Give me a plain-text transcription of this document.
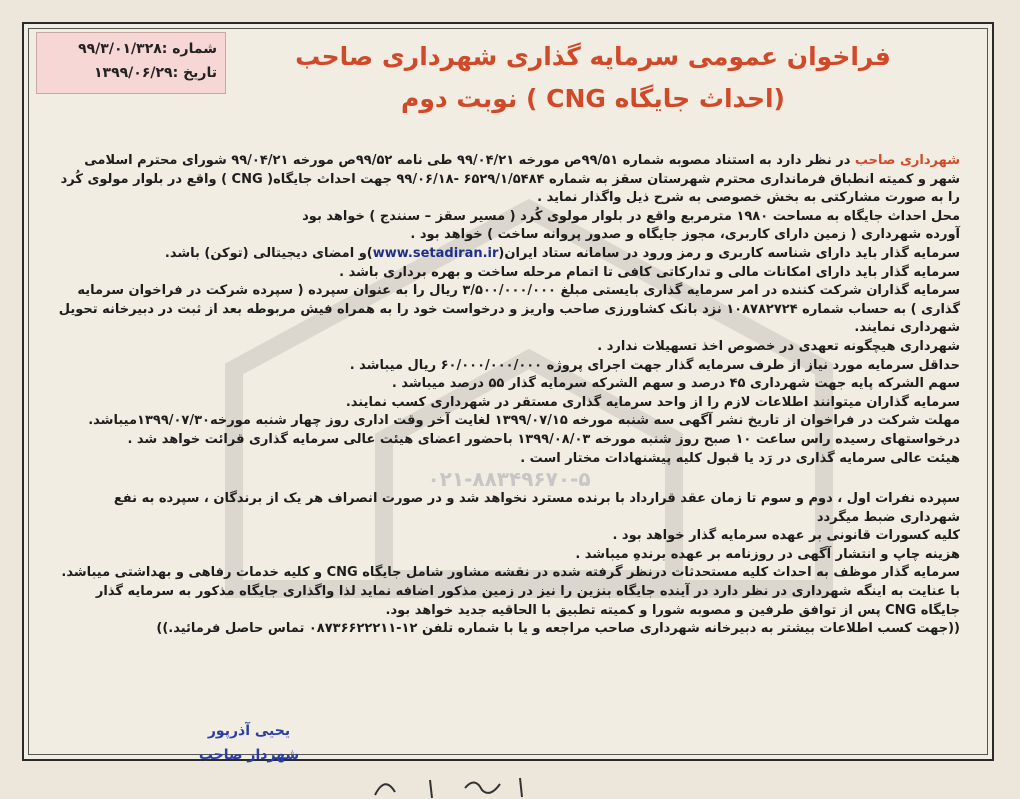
شماره :۹۹/۳/۰۱/۳۲۸
تاریخ :۱۳۹۹/۰۶/۲۹
فراخوان عمومی سرمایه گذاری شهرداری صاحب
(احداث جایگاه CNG ) نوبت دوم

شهرداری صاحب در نظر دارد به استناد مصوبه شماره ۹۹/۵۱ص مورخه ۹۹/۰۴/۲۱ طی نامه ۹۹/۵۲ص مورخه ۹۹/۰۴/۲۱ شورای محترم اسلامی شهر و کمیته انطباق فرمانداری محترم شهرستان سقز به شماره ۶۵۲۹/۱/۵۴۸۴ -۹۹/۰۶/۱۸ جهت احداث جایگاه( CNG ) واقع در بلوار مولوی کُرد را به صورت مشارکتی به بخش خصوصی به شرح ذیل واگذار نماید .

محل احداث جایگاه به مساحت ۱۹۸۰ مترمربع واقع در بلوار مولوی کُرد ( مسیر سقز – سنندج ) خواهد بود

آورده شهرداری ( زمین دارای کاربری، مجوز جایگاه و صدور پروانه ساخت ) خواهد بود .

سرمایه گذار باید دارای شناسه کاربری و رمز ورود در سامانه ستاد ایران(www.setadiran.ir)و امضای دیجیتالی (توکن) باشد.

سرمایه گذار باید دارای امکانات مالی و تدارکاتی کافی تا اتمام مرحله ساخت و بهره برداری باشد .

سرمایه گذاران شرکت کننده در امر سرمایه گذاری بایستی مبلغ ۳/۵۰۰/۰۰۰/۰۰۰ ریال را به عنوان سپرده ( سپرده شرکت در فراخوان سرمایه گذاری ) به حساب شماره ۱۰۸۷۸۲۷۲۴ نزد بانک کشاورزی صاحب واریز و درخواست خود را به همراه فیش مربوطه بعد از ثبت در دبیرخانه تحویل شهرداری نمایند.

شهرداری هیچگونه تعهدی در خصوص اخذ تسهیلات ندارد .

حداقل سرمایه مورد نیاز از طرف سرمایه گذار جهت اجرای پروژه ۶۰/۰۰۰/۰۰۰/۰۰۰ ریال میباشد .

سهم الشرکه پایه جهت شهرداری ۴۵ درصد و سهم الشرکه سرمایه گذار ۵۵ درصد میباشد .

سرمایه گذاران میتوانند اطلاعات لازم را از واحد سرمایه گذاری مستقر در شهرداری کسب نمایند.

مهلت شرکت در فراخوان از تاریخ نشر آگهی سه شنبه مورخه ۱۳۹۹/۰۷/۱۵ لغایت آخر وقت اداری روز چهار شنبه مورخه۱۳۹۹/۰۷/۳۰میباشد.

درخواستهای رسیده راس ساعت ۱۰ صبح روز شنبه مورخه ۱۳۹۹/۰۸/۰۳ باحضور اعضای هیئت عالی سرمایه گذاری قرائت خواهد شد .

هیئت عالی سرمایه گذاری در رَد یا قبول کلیه پیشنهادات مختار است .

۰۲۱-۸۸۳۴۹۶۷۰-۵

سپرده نفرات اول ، دوم و سوم تا زمان عقد قرارداد با برنده مسترد نخواهد شد و در صورت انصراف هر یک از برندگان ، سپرده به نفع شهرداری ضبط میگردد

کلیه کسورات قانونی بر عهده سرمایه گذار خواهد بود .

هزینه چاپ و انتشار آگهی در روزنامه بر عهده برندهِ میباشد .

سرمایه گذار موظف به احداث کلیه مستحدثات درنظر گرفته شده در نقشه مشاور شامل جایگاه CNG و کلیه خدمات رفاهی و بهداشتی میباشد.

با عنایت به اینگه شهرداری در نظر دارد در آینده جایگاه بنزین را نیز در زمین مذکور اضافه نماید لذا واگذاری جایگاه مذکور به سرمایه گذار جایگاه CNG پس از توافق طرفین و مصوبه شورا و کمیته تطبیق با الحاقیه جدید خواهد بود.

((جهت کسب اطلاعات بیشتر به دبیرخانه شهرداری صاحب مراجعه و یا با شماره تلفن ۱۲-۰۸۷۳۶۶۲۲۲۱۱ تماس حاصل فرمائید.))

یحیی آذرپور
شهردار صاحب
